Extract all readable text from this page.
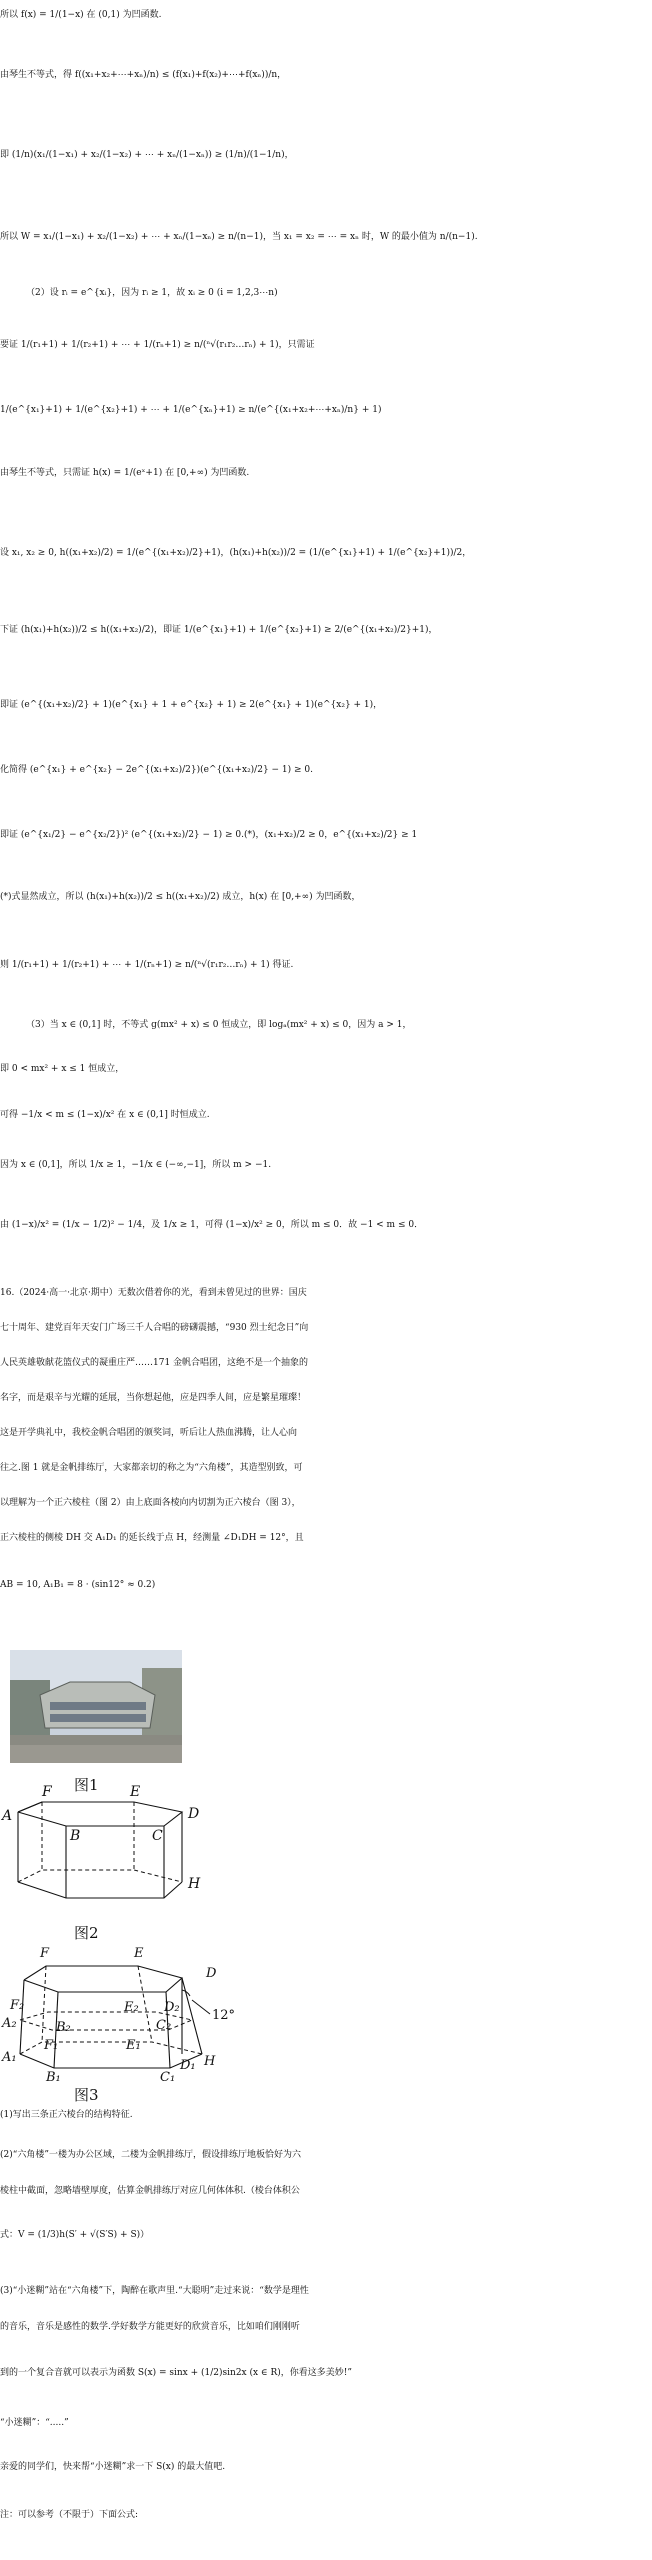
所以 f(x) = 1/(1−x) 在 (0,1) 为凹函数.
由琴生不等式，得 f((x₁+x₂+⋯+xₙ)/n) ≤ (f(x₁)+f(x₂)+⋯+f(xₙ))/n，
即 (1/n)(x₁/(1−x₁) + x₂/(1−x₂) + ⋯ + xₙ/(1−xₙ)) ≥ (1/n)/(1−1/n)，
所以 W = x₁/(1−x₁) + x₂/(1−x₂) + ⋯ + xₙ/(1−xₙ) ≥ n/(n−1)，当 x₁ = x₂ = ⋯ = xₙ 时，W 的最小值为 n/(n−1).
（2）设 rᵢ = e^{xᵢ}，因为 rᵢ ≥ 1，故 xᵢ ≥ 0 (i = 1,2,3⋯n)
要证 1/(r₁+1) + 1/(r₂+1) + ⋯ + 1/(rₙ+1) ≥ n/(ⁿ√(r₁r₂…rₙ) + 1)，只需证
1/(e^{x₁}+1) + 1/(e^{x₂}+1) + ⋯ + 1/(e^{xₙ}+1) ≥ n/(e^{(x₁+x₂+⋯+xₙ)/n} + 1)
由琴生不等式，只需证 h(x) = 1/(eˣ+1) 在 [0,+∞) 为凹函数.
设 x₁, x₂ ≥ 0, h((x₁+x₂)/2) = 1/(e^{(x₁+x₂)/2}+1)，(h(x₁)+h(x₂))/2 = (1/(e^{x₁}+1) + 1/(e^{x₂}+1))/2，
下证 (h(x₁)+h(x₂))/2 ≤ h((x₁+x₂)/2)，即证 1/(e^{x₁}+1) + 1/(e^{x₂}+1) ≥ 2/(e^{(x₁+x₂)/2}+1)，
即证 (e^{(x₁+x₂)/2} + 1)(e^{x₁} + 1 + e^{x₂} + 1) ≥ 2(e^{x₁} + 1)(e^{x₂} + 1)，
化简得 (e^{x₁} + e^{x₂} − 2e^{(x₁+x₂)/2})(e^{(x₁+x₂)/2} − 1) ≥ 0.
即证 (e^{x₁/2} − e^{x₂/2})² (e^{(x₁+x₂)/2} − 1) ≥ 0.(*)，(x₁+x₂)/2 ≥ 0，e^{(x₁+x₂)/2} ≥ 1
(*)式显然成立，所以 (h(x₁)+h(x₂))/2 ≤ h((x₁+x₂)/2) 成立，h(x) 在 [0,+∞) 为凹函数，
则 1/(r₁+1) + 1/(r₂+1) + ⋯ + 1/(rₙ+1) ≥ n/(ⁿ√(r₁r₂…rₙ) + 1) 得证.
（3）当 x ∈ (0,1] 时，不等式 g(mx² + x) ≤ 0 恒成立，即 logₐ(mx² + x) ≤ 0，因为 a > 1，
即 0 < mx² + x ≤ 1 恒成立，
可得 −1/x < m ≤ (1−x)/x² 在 x ∈ (0,1] 时恒成立.
因为 x ∈ (0,1]，所以 1/x ≥ 1，−1/x ∈ (−∞,−1]，所以 m > −1.
由 (1−x)/x² = (1/x − 1/2)² − 1/4，及 1/x ≥ 1，可得 (1−x)/x² ≥ 0，所以 m ≤ 0．故 −1 < m ≤ 0．
16.（2024·高一·北京·期中）无数次借着你的光，看到未曾见过的世界：国庆
七十周年、建党百年天安门广场三千人合唱的磅礴震撼，“930 烈士纪念日”向
人民英雄敬献花篮仪式的凝重庄严……171 金帆合唱团，这绝不是一个抽象的
名字，而是艰辛与光耀的延展，当你想起他，应是四季人间，应是繁星璀璨！
这是开学典礼中，我校金帆合唱团的颁奖词，听后让人热血沸腾，让人心向
往之.图 1 就是金帆排练厅，大家都亲切的称之为“六角楼”，其造型别致，可
以理解为一个正六棱柱（图 2）由上底面各棱向内切割为正六棱台（图 3），
正六棱柱的侧棱 DH 交 A₁D₁ 的延长线于点 H，经测量 ∠D₁DH = 12°，且
AB = 10, A₁B₁ = 8 · (sin12° ≈ 0.2)
图1
A
F	E
D
B	C
H
图2
F	E
D
F₂	E₂
A₂
D₂
B₂	C₂
F₁	E₁
A₁
B₁	C₁
D₁ H
12°
图3
(1)写出三条正六棱台的结构特征.
(2)“六角楼”一楼为办公区域，二楼为金帆排练厅，假设排练厅地板恰好为六
棱柱中截面，忽略墙壁厚度，估算金帆排练厅对应几何体体积.（棱台体积公
式：V = (1/3)h(S′ + √(S′S) + S)）
(3)“小迷糊”站在“六角楼”下，陶醉在歌声里.“大聪明”走过来说：“数学是理性
的音乐，音乐是感性的数学.学好数学方能更好的欣赏音乐，比如咱们刚刚听
到的一个复合音就可以表示为函数 S(x) = sinx + (1/2)sin2x (x ∈ R)，你看这多美妙!”
“小迷糊”：“.....”
亲爱的同学们，快来帮“小迷糊”求一下 S(x) 的最大值吧.
注：可以参考（不限于）下面公式:
